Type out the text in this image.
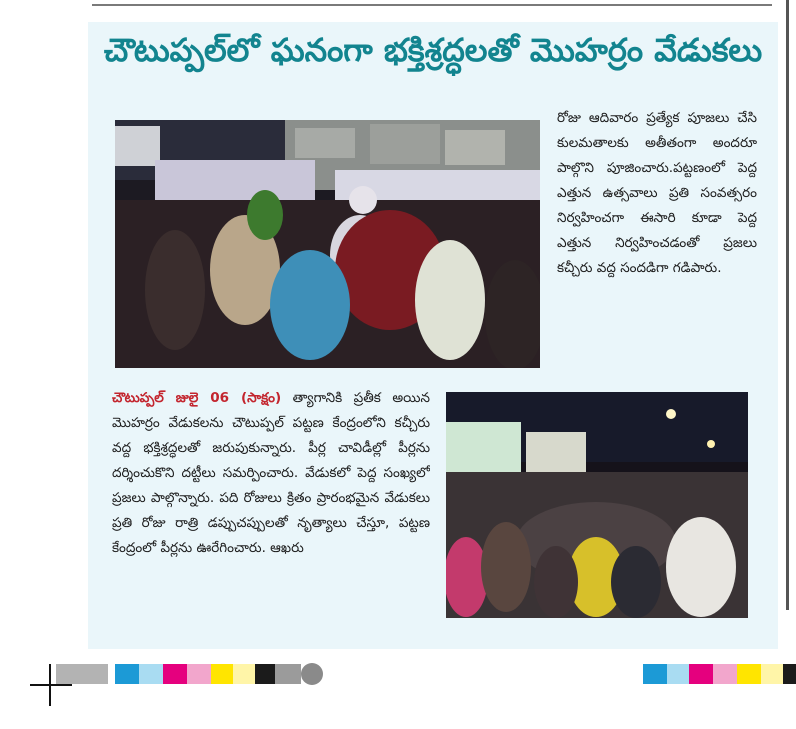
చౌటుప్పల్‌లో ఘనంగా భక్తిశ్రద్ధలతో మొహర్రం వేడుకలు
రోజు ఆదివారం ప్రత్యేక పూజలు చేసి కులమతాలకు అతీతంగా అందరూ పాల్గొని పూజించారు.పట్టణంలో పెద్ద ఎత్తున ఉత్సవాలు ప్రతి సంవత్సరం నిర్వహించగా ఈసారి కూడా పెద్ద ఎత్తున నిర్వహించడంతో ప్రజలు కచ్చీరు వద్ద సందడిగా గడిపారు.
చౌటుప్పల్ జులై 06 (సాక్షం) త్యాగానికి ప్రతీక అయిన మొహర్రం వేడుకలను చౌటుప్పల్ పట్టణ కేంద్రంలోని కచ్చీరు వద్ద భక్తిశ్రద్ధలతో జరుపుకున్నారు. పీర్ల చావిడీల్లో పీర్లను దర్శించుకొని దట్టీలు సమర్పించారు. వేడుకలో పెద్ద సంఖ్యలో ప్రజలు పాల్గొన్నారు. పది రోజులు క్రితం ప్రారంభమైన వేడుకలు ప్రతి రోజు రాత్రి డప్పుచప్పులతో నృత్యాలు చేస్తూ, పట్టణ కేంద్రంలో పీర్లను ఊరేగించారు. ఆఖరు
